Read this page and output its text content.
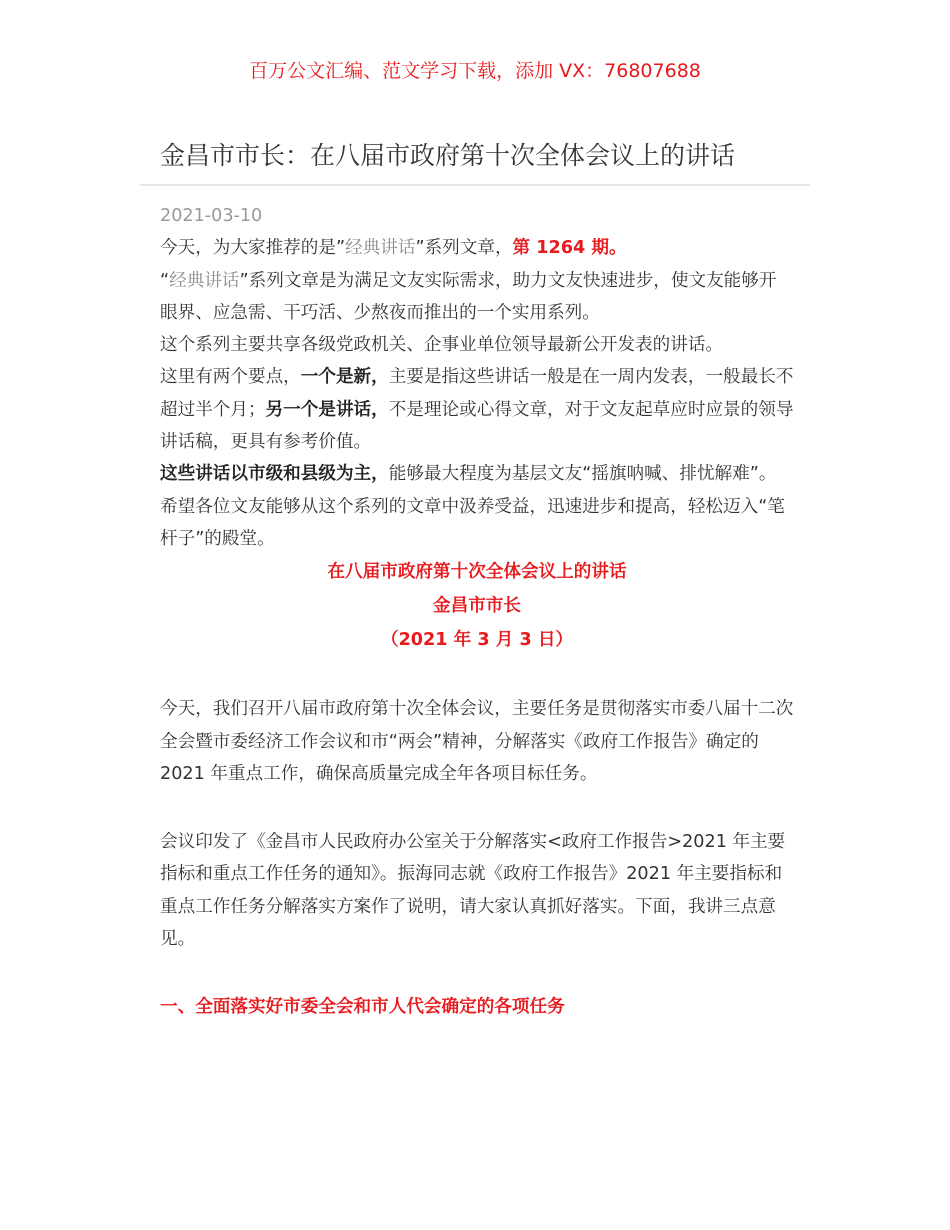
百万公文汇编、范文学习下载，添加 VX：76807688
金昌市市长：在八届市政府第十次全体会议上的讲话
2021-03-10

今天，为大家推荐的是”经典讲话”系列文章，第 1264 期。

“经典讲话”系列文章是为满足文友实际需求，助力文友快速进步，使文友能够开眼界、应急需、干巧活、少熬夜而推出的一个实用系列。

这个系列主要共享各级党政机关、企事业单位领导最新公开发表的讲话。

这里有两个要点，一个是新，主要是指这些讲话一般是在一周内发表，一般最长不超过半个月；另一个是讲话，不是理论或心得文章，对于文友起草应时应景的领导讲话稿，更具有参考价值。

这些讲话以市级和县级为主，能够最大程度为基层文友“摇旗呐喊、排忧解难”。希望各位文友能够从这个系列的文章中汲养受益，迅速进步和提高，轻松迈入“笔杆子”的殿堂。

在八届市政府第十次全体会议上的讲话
金昌市市长
（2021 年 3 月 3 日）

今天，我们召开八届市政府第十次全体会议，主要任务是贯彻落实市委八届十二次全会暨市委经济工作会议和市“两会”精神，分解落实《政府工作报告》确定的 2021 年重点工作，确保高质量完成全年各项目标任务。

会议印发了《金昌市人民政府办公室关于分解落实<政府工作报告>2021 年主要指标和重点工作任务的通知》。振海同志就《政府工作报告》2021 年主要指标和重点工作任务分解落实方案作了说明，请大家认真抓好落实。下面，我讲三点意见。

一、全面落实好市委全会和市人代会确定的各项任务
